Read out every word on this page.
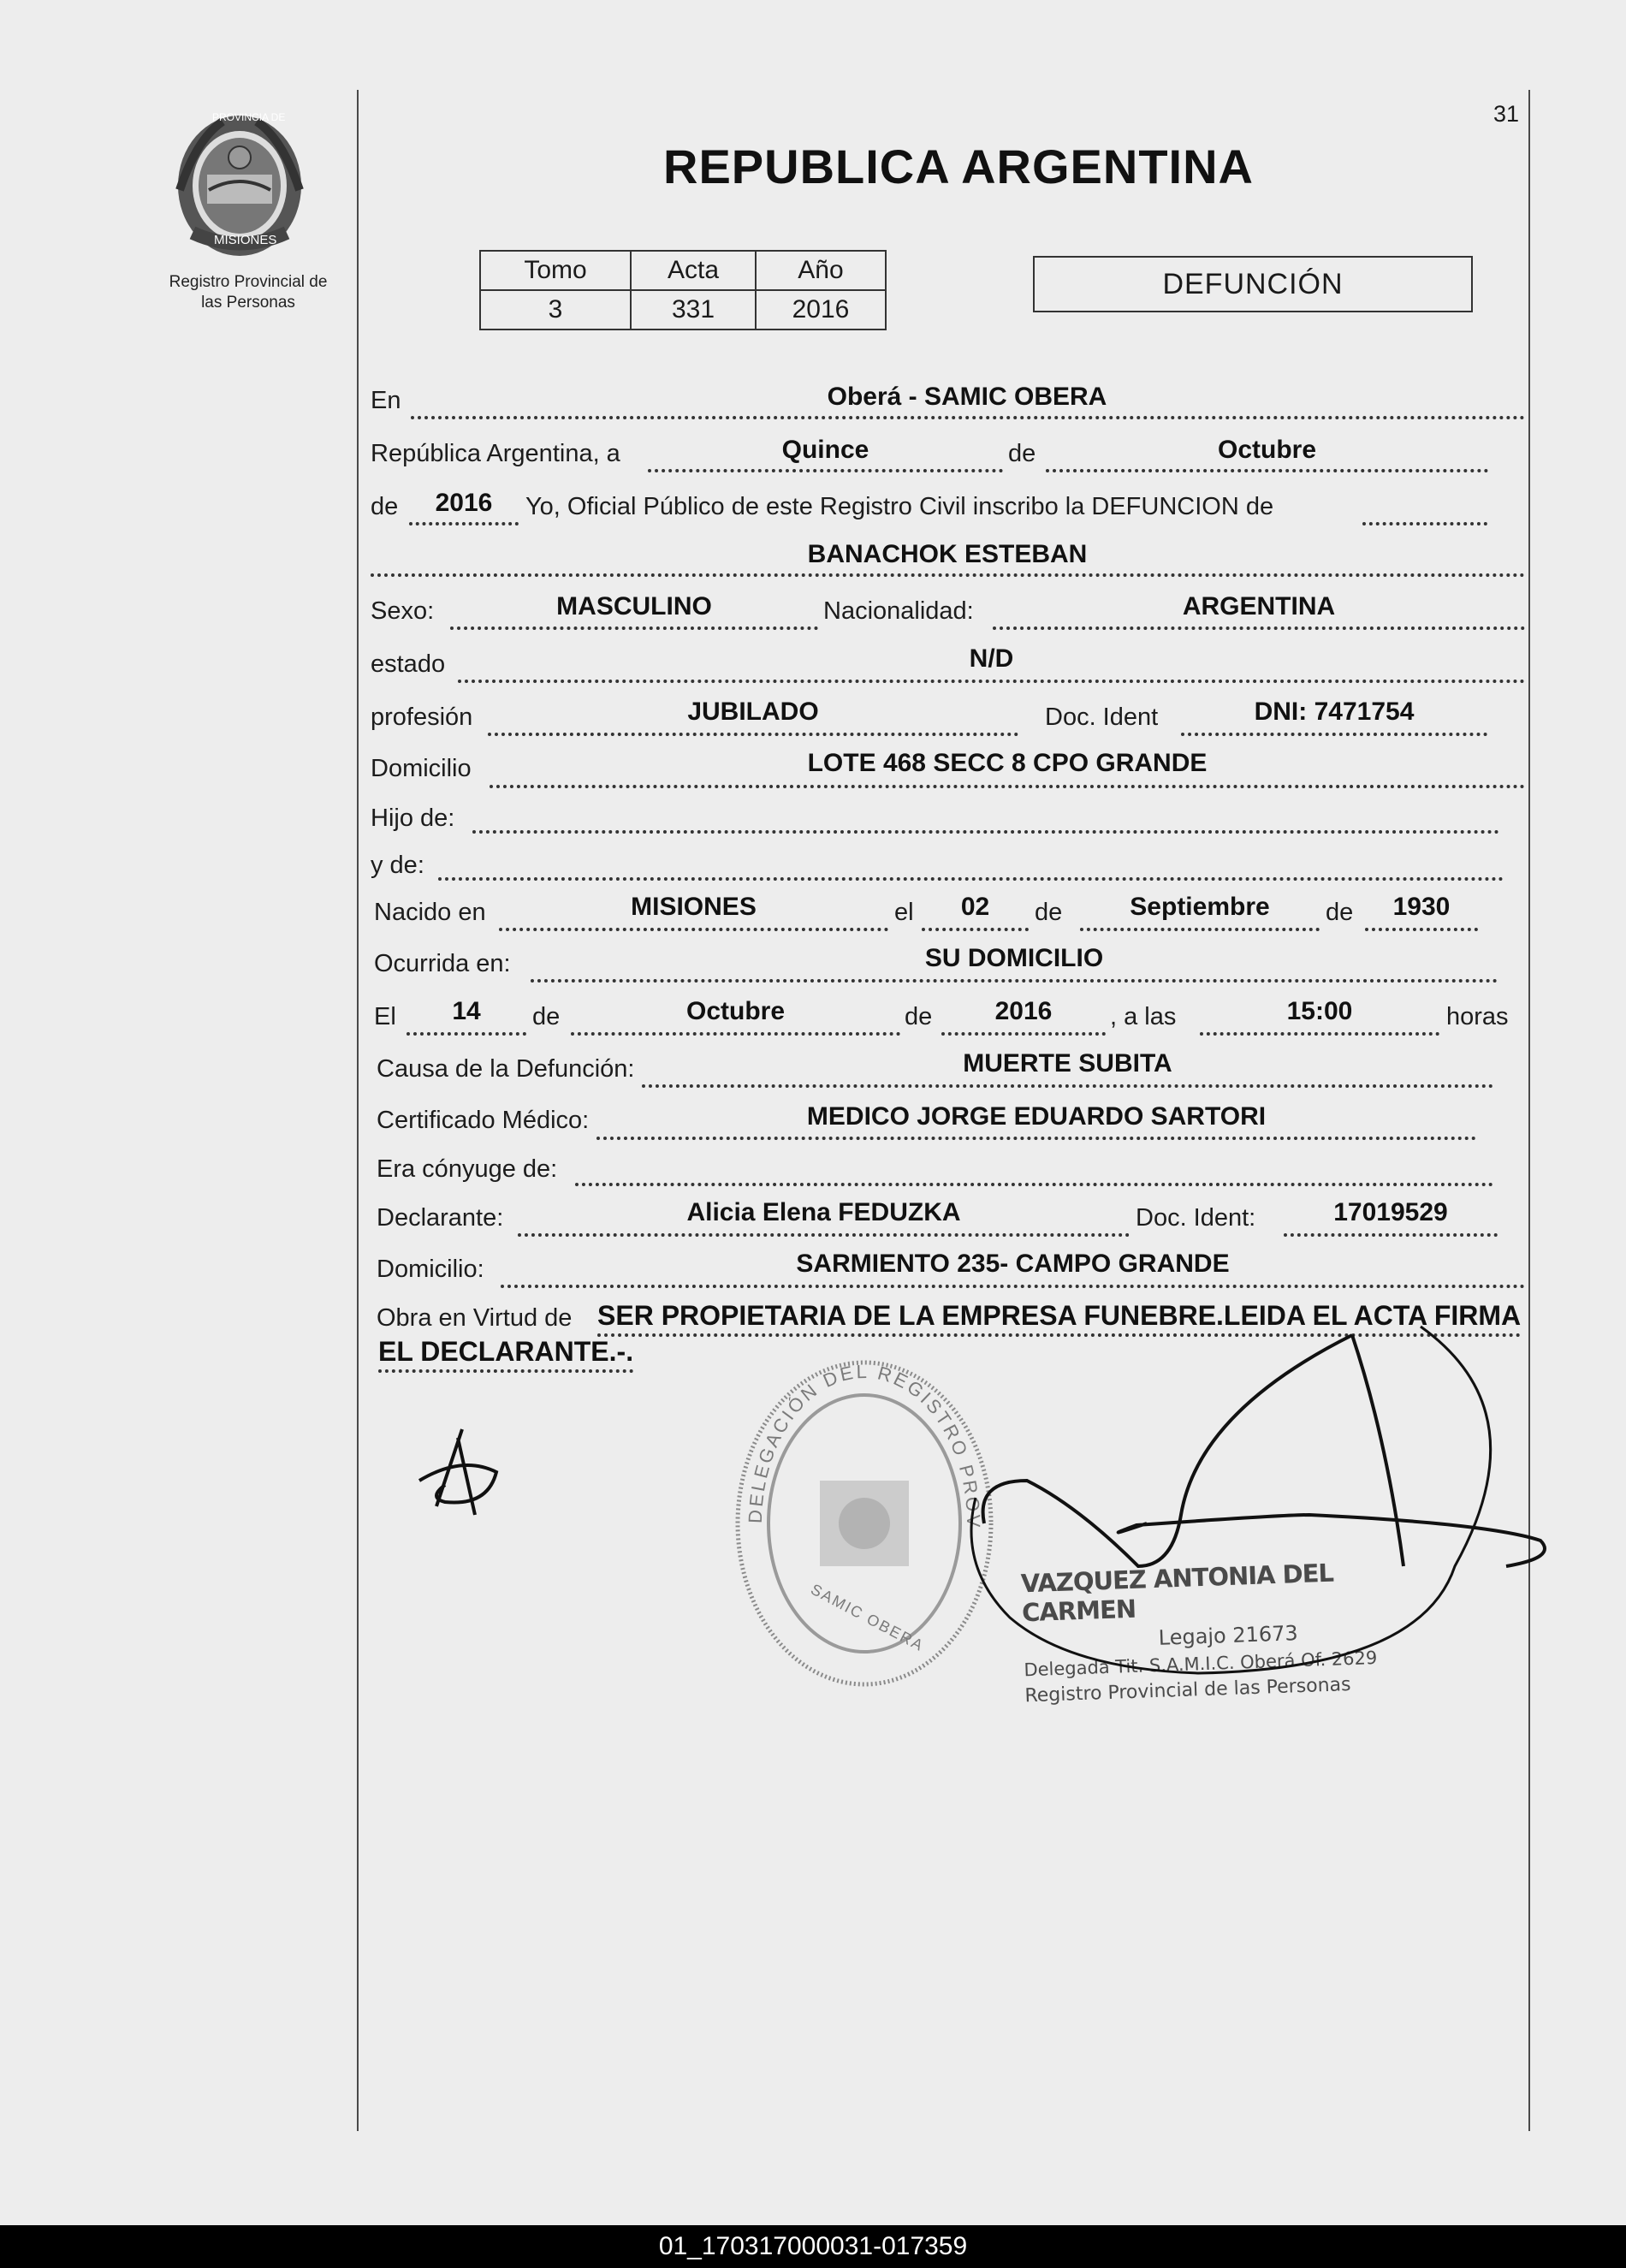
PROVINCIA DE
MISIONES
Registro Provincial de
las Personas
31
REPUBLICA ARGENTINA
Tomo	Acta	Año
3	331	2016
DEFUNCIÓN
En	Oberá - SAMIC OBERA
República Argentina, a	Quince	de	Octubre
de	2016	Yo, Oficial Público de este Registro Civil inscribo la DEFUNCION de
BANACHOK ESTEBAN
Sexo:	MASCULINO	Nacionalidad:	ARGENTINA
estado	N/D
profesión	JUBILADO	Doc. Ident	DNI: 7471754
Domicilio	LOTE 468 SECC 8 CPO GRANDE
Hijo de:
y de:
Nacido en	MISIONES	el	02	de	Septiembre	de	1930
Ocurrida en:	SU DOMICILIO
El	14	de	Octubre	de	2016	, a las	15:00	horas
Causa de la Defunción:	MUERTE SUBITA
Certificado Médico:	MEDICO JORGE EDUARDO SARTORI
Era cónyuge de:
Declarante:	Alicia Elena FEDUZKA	Doc. Ident:	17019529
Domicilio:	SARMIENTO 235- CAMPO GRANDE
Obra en Virtud de SER PROPIETARIA DE LA EMPRESA FUNEBRE.LEIDA EL ACTA FIRMA
EL DECLARANTE.-.
DELEGACIÓN DEL REGISTRO PROV
SAMIC OBERA
VAZQUEZ ANTONIA DEL CARMEN
Legajo 21673
Delegada Tit. S.A.M.I.C. Oberá Of. 2629
Registro Provincial de las Personas
01_170317000031-017359
